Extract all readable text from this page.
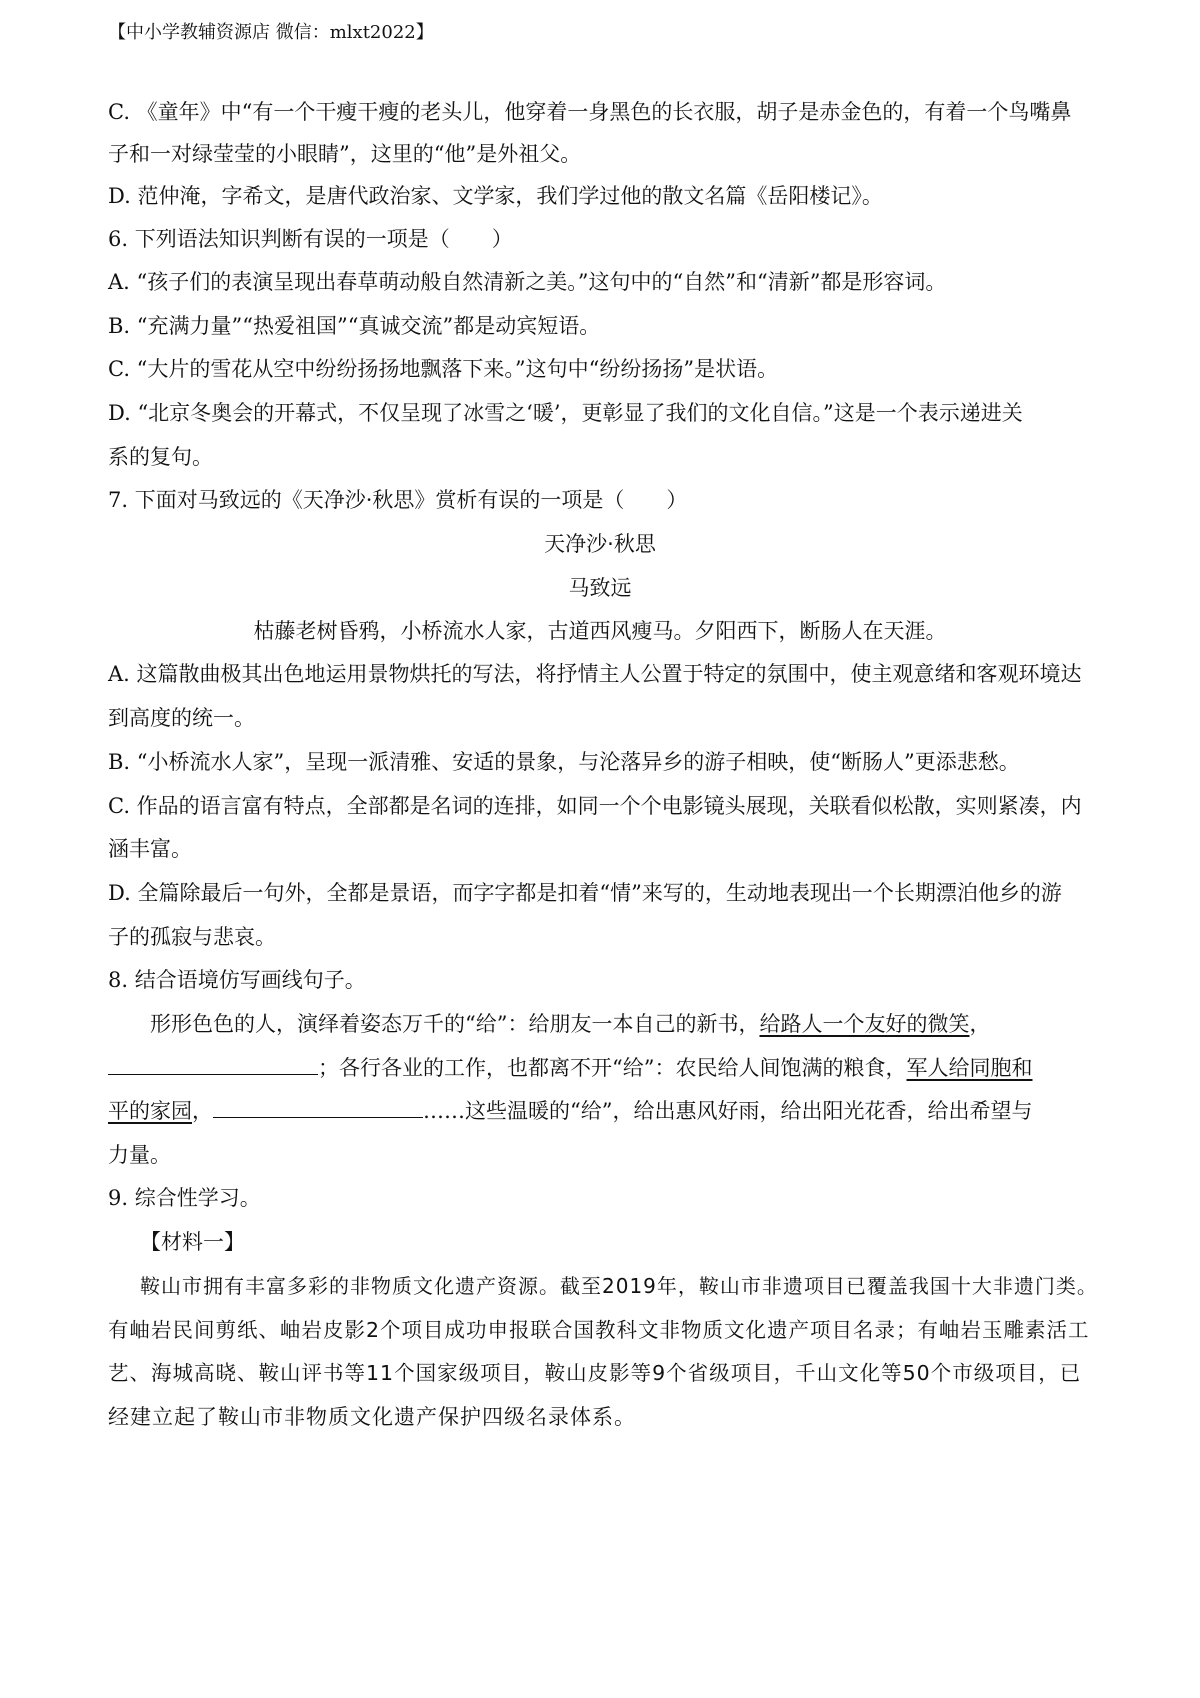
【中小学教辅资源店 微信：mlxt2022】
C. 《童年》中“有一个干瘦干瘦的老头儿，他穿着一身黑色的长衣服，胡子是赤金色的，有着一个鸟嘴鼻
子和一对绿莹莹的小眼睛”，这里的“他”是外祖父。
D. 范仲淹，字希文，是唐代政治家、文学家，我们学过他的散文名篇《岳阳楼记》。
6. 下列语法知识判断有误的一项是（　　）
A. “孩子们的表演呈现出春草萌动般自然清新之美。”这句中的“自然”和“清新”都是形容词。
B. “充满力量”“热爱祖国”“真诚交流”都是动宾短语。
C. “大片的雪花从空中纷纷扬扬地飘落下来。”这句中“纷纷扬扬”是状语。
D. “北京冬奥会的开幕式，不仅呈现了冰雪之‘暖’，更彰显了我们的文化自信。”这是一个表示递进关
系的复句。
7. 下面对马致远的《天净沙·秋思》赏析有误的一项是（　　）
天净沙·秋思
马致远
枯藤老树昏鸦，小桥流水人家，古道西风瘦马。夕阳西下，断肠人在天涯。
A. 这篇散曲极其出色地运用景物烘托的写法，将抒情主人公置于特定的氛围中，使主观意绪和客观环境达
到高度的统一。
B. “小桥流水人家”，呈现一派清雅、安适的景象，与沦落异乡的游子相映，使“断肠人”更添悲愁。
C. 作品的语言富有特点，全部都是名词的连排，如同一个个电影镜头展现，关联看似松散，实则紧凑，内
涵丰富。
D. 全篇除最后一句外，全都是景语，而字字都是扣着“情”来写的，生动地表现出一个长期漂泊他乡的游
子的孤寂与悲哀。
8. 结合语境仿写画线句子。
形形色色的人，演绎着姿态万千的“给”：给朋友一本自己的新书，给路人一个友好的微笑，
；各行各业的工作，也都离不开“给”：农民给人间饱满的粮食，军人给同胞和
平的家园，	……这些温暖的“给”，给出惠风好雨，给出阳光花香，给出希望与
力量。
9. 综合性学习。
【材料一】
鞍山市拥有丰富多彩的非物质文化遗产资源。截至2019年，鞍山市非遗项目已覆盖我国十大非遗门类。
有岫岩民间剪纸、岫岩皮影2个项目成功申报联合国教科文非物质文化遗产项目名录；有岫岩玉雕素活工
艺、海城高晓、鞍山评书等11个国家级项目，鞍山皮影等9个省级项目，千山文化等50个市级项目，已
经建立起了鞍山市非物质文化遗产保护四级名录体系。
